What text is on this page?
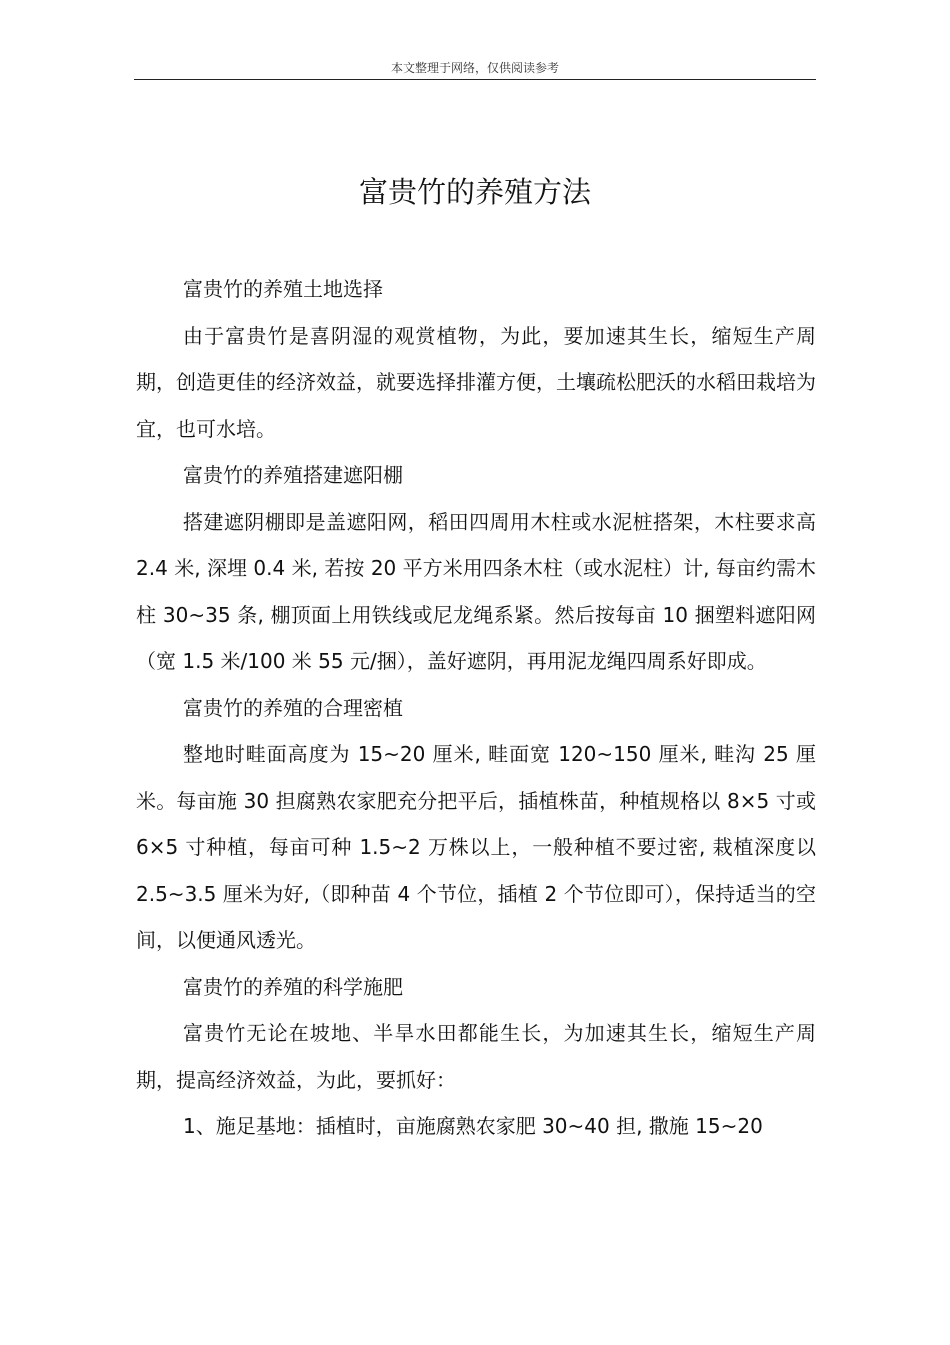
本文整理于网络，仅供阅读参考
富贵竹的养殖方法
富贵竹的养殖土地选择

由于富贵竹是喜阴湿的观赏植物，为此，要加速其生长，缩短生产周期，创造更佳的经济效益，就要选择排灌方便，土壤疏松肥沃的水稻田栽培为宜，也可水培。

富贵竹的养殖搭建遮阳棚

搭建遮阴棚即是盖遮阳网，稻田四周用木柱或水泥桩搭架，木柱要求高 2.4 米, 深埋 0.4 米, 若按 20 平方米用四条木柱（或水泥柱）计, 每亩约需木柱 30~35 条, 棚顶面上用铁线或尼龙绳系紧。然后按每亩 10 捆塑料遮阳网（宽 1.5 米/100 米 55 元/捆），盖好遮阴，再用泥龙绳四周系好即成。

富贵竹的养殖的合理密植

整地时畦面高度为 15~20 厘米, 畦面宽 120~150 厘米, 畦沟 25 厘米。每亩施 30 担腐熟农家肥充分把平后，插植株苗，种植规格以 8×5 寸或 6×5 寸种植，每亩可种 1.5~2 万株以上，一般种植不要过密, 栽植深度以 2.5~3.5 厘米为好,（即种苗 4 个节位，插植 2 个节位即可），保持适当的空间，以便通风透光。

富贵竹的养殖的科学施肥

富贵竹无论在坡地、半旱水田都能生长，为加速其生长，缩短生产周期，提高经济效益，为此，要抓好：

1、施足基地：插植时，亩施腐熟农家肥 30~40 担, 撒施 15~20
